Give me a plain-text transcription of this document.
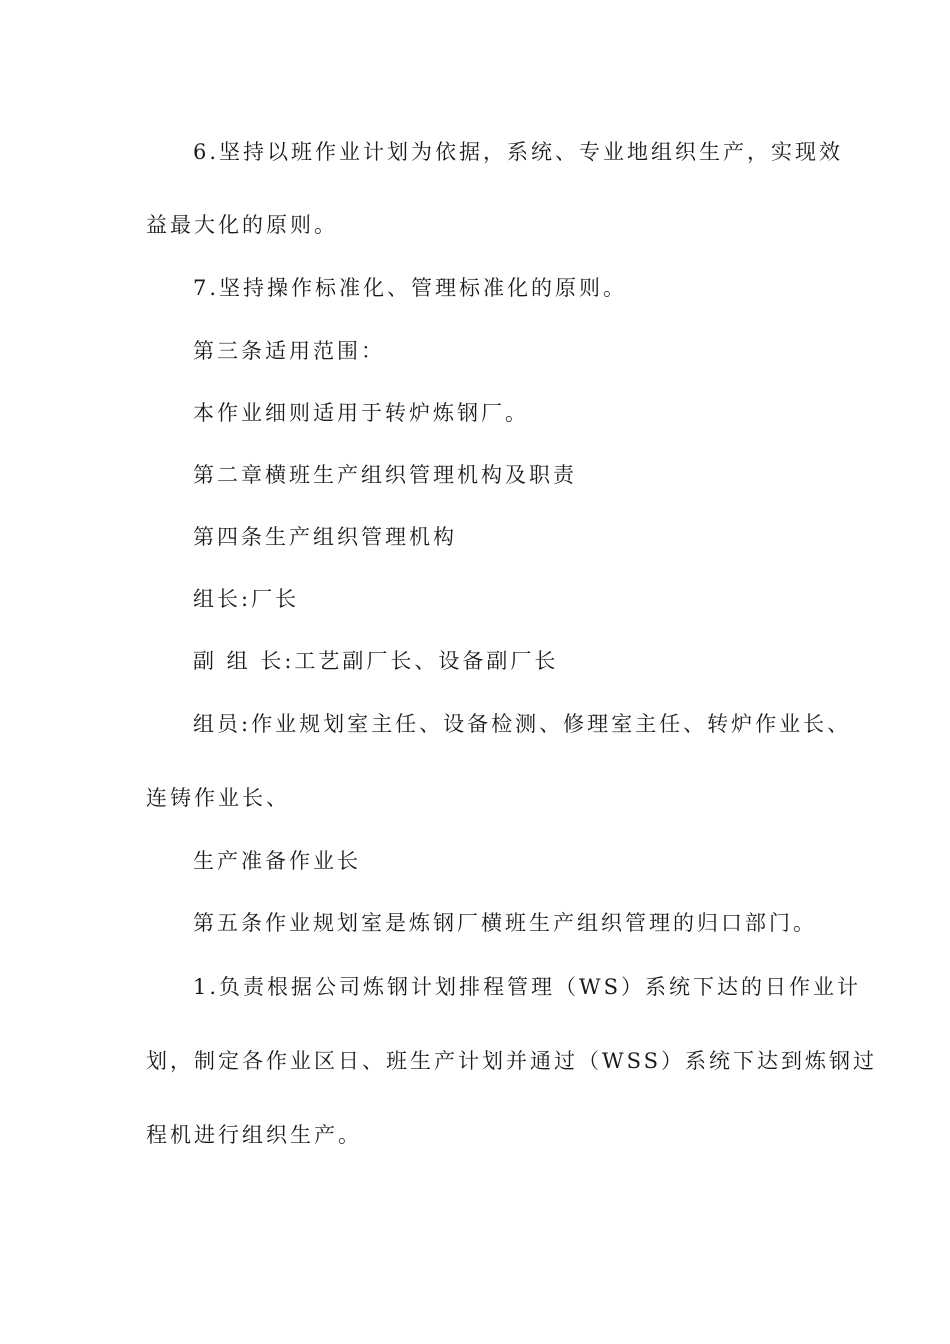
6.坚持以班作业计划为依据，系统、专业地组织生产，实现效
益最大化的原则。
7.坚持操作标准化、管理标准化的原则。
第三条适用范围：
本作业细则适用于转炉炼钢厂。
第二章横班生产组织管理机构及职责
第四条生产组织管理机构
组长:厂长
副 组 长:工艺副厂长、设备副厂长
组员:作业规划室主任、设备检测、修理室主任、转炉作业长、
连铸作业长、
生产准备作业长
第五条作业规划室是炼钢厂横班生产组织管理的归口部门。
1.负责根据公司炼钢计划排程管理（WS）系统下达的日作业计
划，制定各作业区日、班生产计划并通过（WSS）系统下达到炼钢过
程机进行组织生产。
